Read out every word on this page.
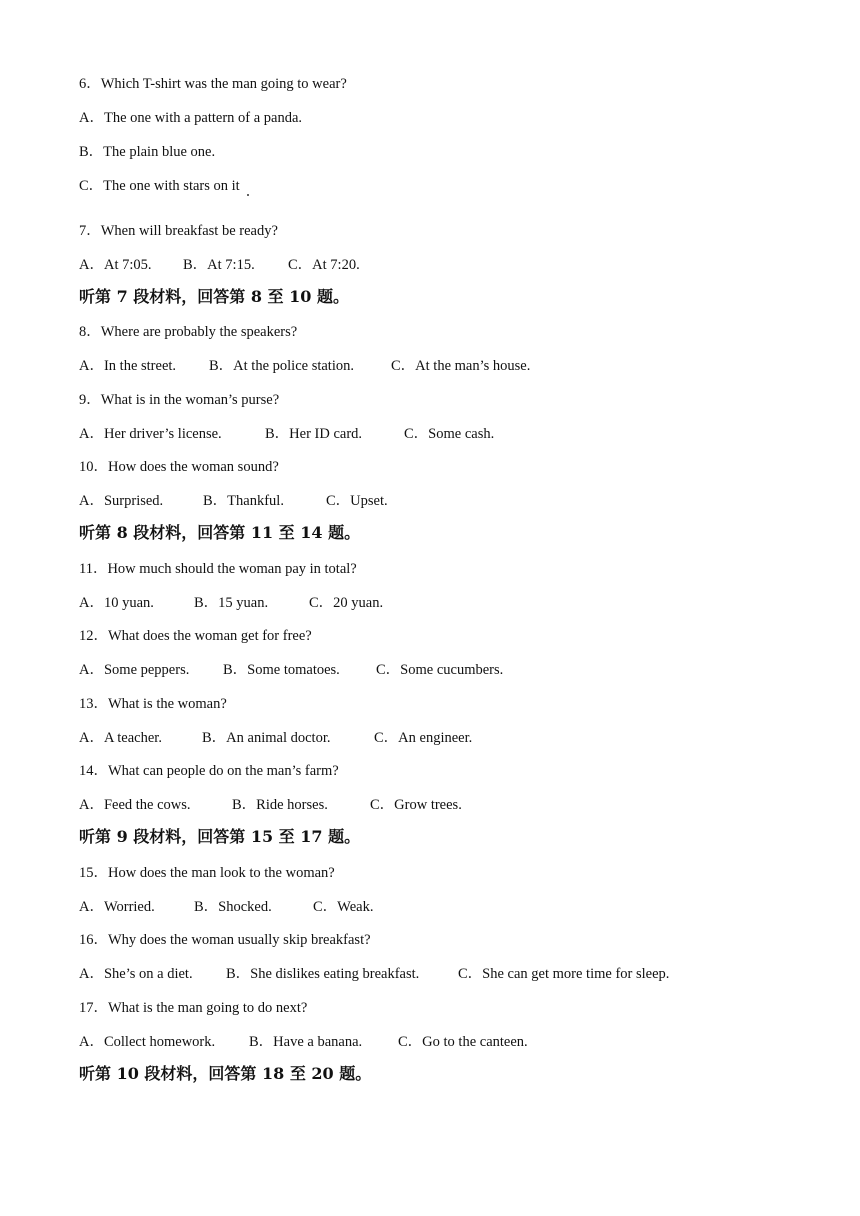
6．Which T-shirt was the man going to wear?
A．The one with a pattern of a panda.
B．The plain blue one.
C．The one with stars on it
7．When will breakfast be ready?
A．At 7:05. B．At 7:15. C．At 7:20.
听第 7 段材料，回答第 8 至 10 题。
8．Where are probably the speakers?
A．In the street. B．At the police station.	C．At the man’s house.
9．What is in the woman’s purse?
A．Her driver’s license.	B．Her ID card.	C．Some cash.
10．How does the woman sound?
A．Surprised.	B．Thankful.	C．Upset.
听第 8 段材料，回答第 11 至 14 题。
11．How much should the woman pay in total?
A．10 yuan.	B．15 yuan.	C．20 yuan.
12．What does the woman get for free?
A．Some peppers. B．Some tomatoes. C．Some cucumbers.
13．What is the woman?
A．A teacher.	B．An animal doctor.	C．An engineer.
14．What can people do on the man’s farm?
A．Feed the cows.	B．Ride horses.	C．Grow trees.
听第 9 段材料，回答第 15 至 17 题。
15．How does the man look to the woman?
A．Worried.	B．Shocked.	C．Weak.
16．Why does the woman usually skip breakfast?
A．She’s on a diet. B．She dislikes eating breakfast.	C．She can get more time for sleep.
17．What is the man going to do next?
A．Collect homework. B．Have a banana. C．Go to the canteen.
听第 10 段材料，回答第 18 至 20 题。
